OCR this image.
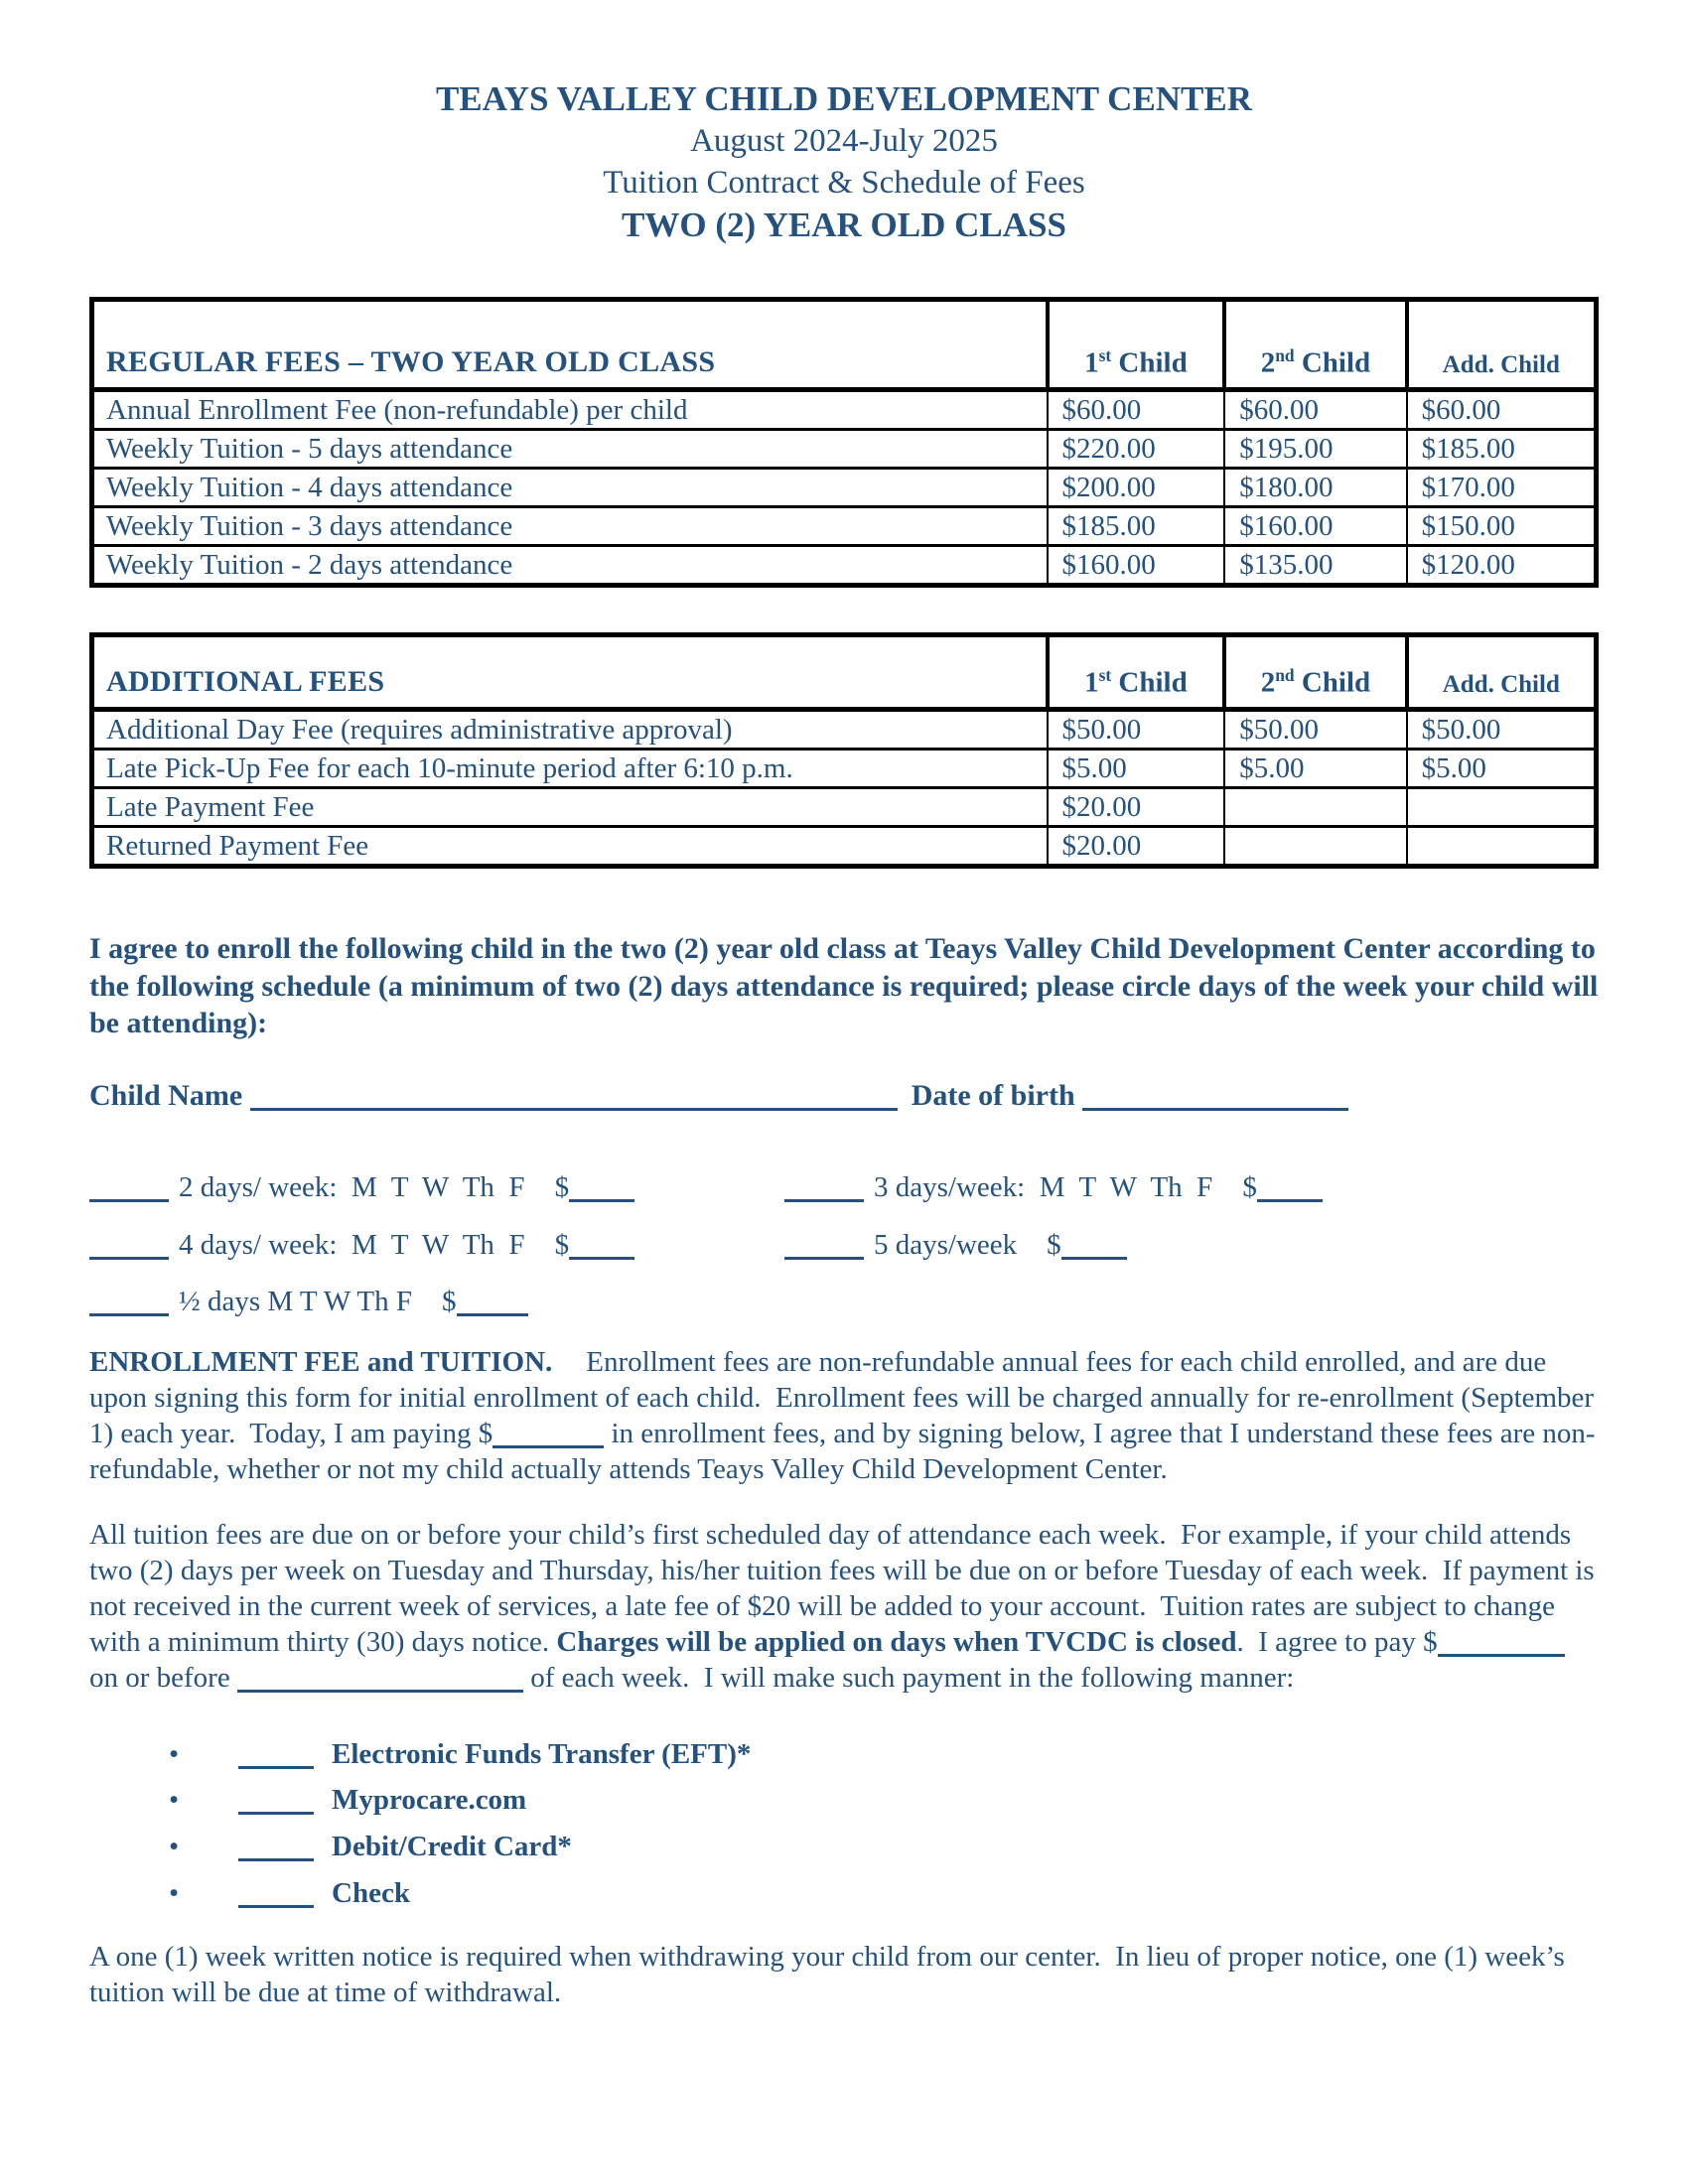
TEAYS VALLEY CHILD DEVELOPMENT CENTER
August 2024-July 2025
Tuition Contract & Schedule of Fees
TWO (2) YEAR OLD CLASS
REGULAR FEES – TWO YEAR OLD CLASS	1st Child	2nd Child	Add. Child
Annual Enrollment Fee (non-refundable) per child	$60.00	$60.00	$60.00
Weekly Tuition - 5 days attendance	$220.00	$195.00	$185.00
Weekly Tuition - 4 days attendance	$200.00	$180.00	$170.00
Weekly Tuition - 3 days attendance	$185.00	$160.00	$150.00
Weekly Tuition - 2 days attendance	$160.00	$135.00	$120.00
ADDITIONAL FEES	1st Child	2nd Child	Add. Child
Additional Day Fee (requires administrative approval)	$50.00	$50.00	$50.00
Late Pick-Up Fee for each 10-minute period after 6:10 p.m.	$5.00	$5.00	$5.00
Late Payment Fee	$20.00		
Returned Payment Fee	$20.00		

I agree to enroll the following child in the two (2) year old class at Teays Valley Child Development Center according to the following schedule (a minimum of two (2) days attendance is required; please circle days of the week your child will be attending):

Child Name	Date of birth
2 days/ week:  M  T  W  Th  F $	3 days/week:  M  T  W  Th  F $
4 days/ week:  M  T  W  Th  F $	5 days/week $
½ days M T W Th F $

ENROLLMENT FEE and TUITION. Enrollment fees are non-refundable annual fees for each child enrolled, and are due upon signing this form for initial enrollment of each child.  Enrollment fees will be charged annually for re-enrollment (September 1) each year.  Today, I am paying $	in enrollment fees, and by signing below, I agree that I understand these fees are non-refundable, whether or not my child actually attends Teays Valley Child Development Center.

All tuition fees are due on or before your child’s first scheduled day of attendance each week.  For example, if your child attends two (2) days per week on Tuesday and Thursday, his/her tuition fees will be due on or before Tuesday of each week.  If payment is not received in the current week of services, a late fee of $20 will be added to your account.  Tuition rates are subject to change with a minimum thirty (30) days notice. Charges will be applied on days when TVCDC is closed.  I agree to pay $	on or before	of each week.  I will make such payment in the following manner:

•	Electronic Funds Transfer (EFT)*
•	Myprocare.com
•	Debit/Credit Card*
•	Check

A one (1) week written notice is required when withdrawing your child from our center.  In lieu of proper notice, one (1) week’s tuition will be due at time of withdrawal.
